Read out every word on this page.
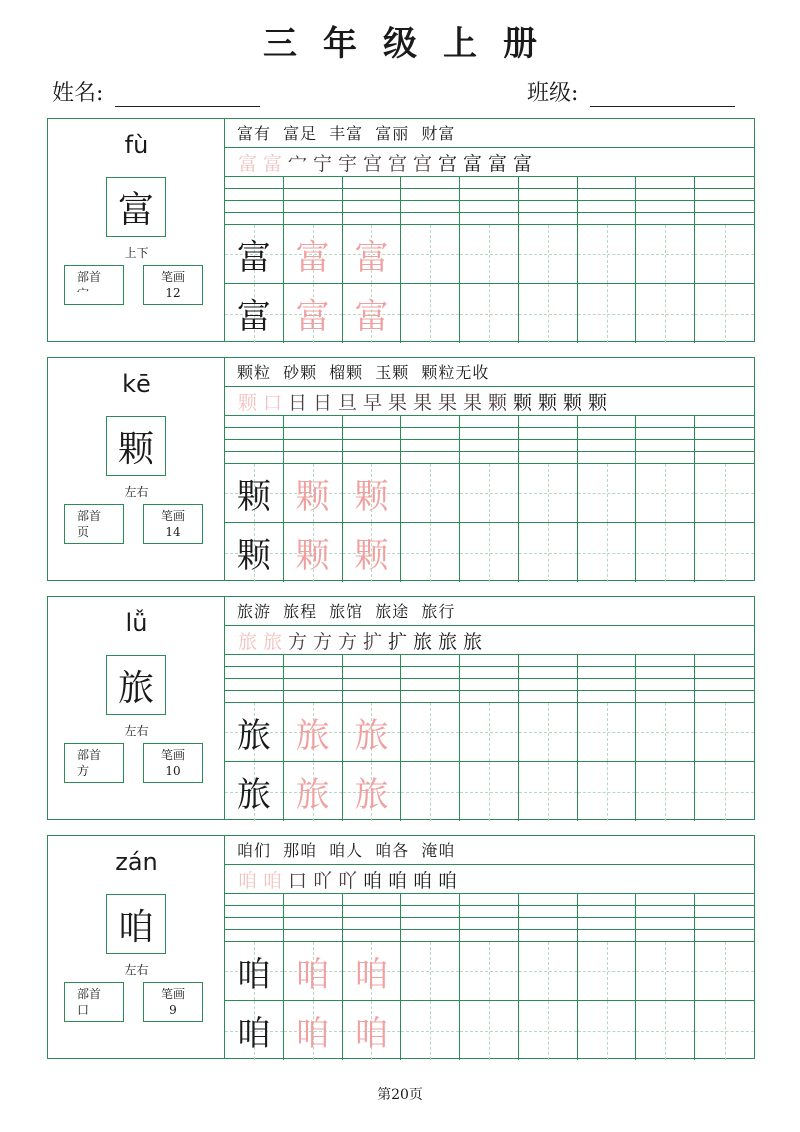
三年级上册
姓名:	班级:
fù
富
上下
部首
宀
笔画
12
富有 富足 丰富 富丽 财富
富 富 宀 宁 宇 宫 宫 宫 宫 富 富 富
富 富 富
富 富 富
kē
颗
左右
部首
页
笔画
14
颗粒 砂颗 榴颗 玉颗 颗粒无收
颗 口 日 日 旦 早 果 果 果 果 颗 颗 颗 颗 颗
颗 颗 颗
颗 颗 颗
lǚ
旅
左右
部首
方
笔画
10
旅游 旅程 旅馆 旅途 旅行
旅 旅 方 方 方 扩 扩 旅 旅 旅
旅 旅 旅
旅 旅 旅
zán
咱
左右
部首
口
笔画
9
咱们 那咱 咱人 咱各 淹咱
咱 咱 口 吖 吖 咱 咱 咱 咱
咱 咱 咱
咱 咱 咱
第20页
